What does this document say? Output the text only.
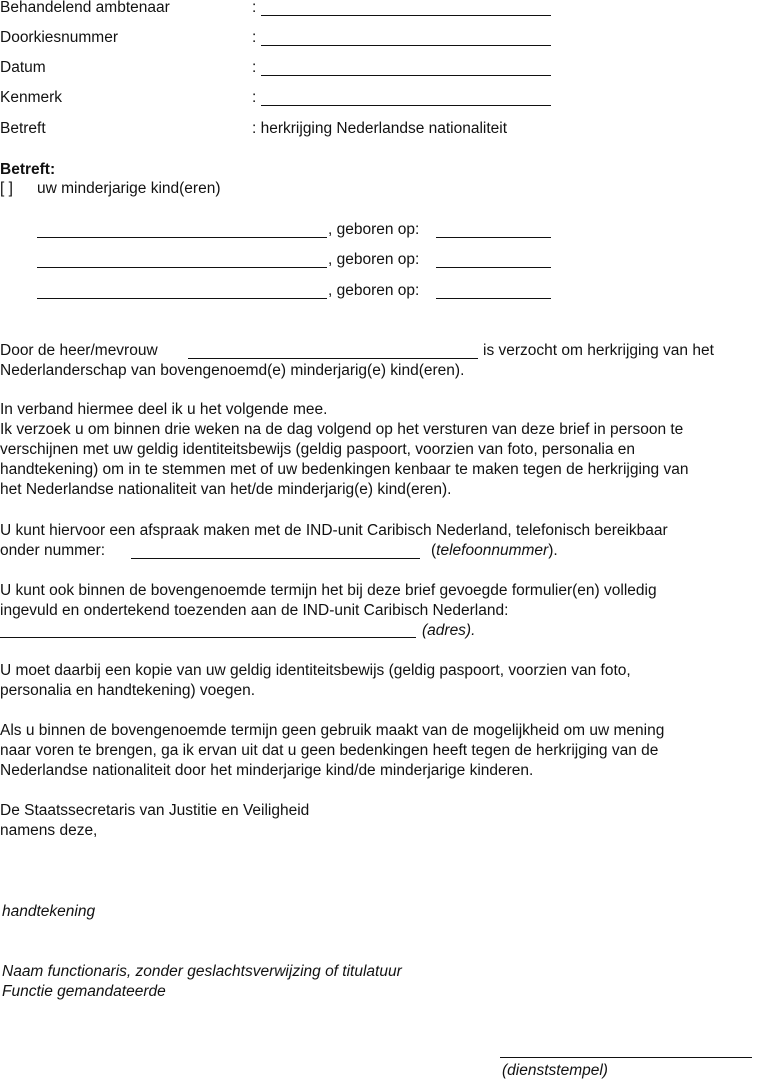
Behandelend ambtenaar	:
Doorkiesnummer	:
Datum	:
Kenmerk	:
Betreft	: herkrijging Nederlandse nationaliteit
Betreft:
[ ] uw minderjarige kind(eren)
, geboren op:
, geboren op:
, geboren op:
Door de heer/mevrouw	is verzocht om herkrijging van het
Nederlanderschap van bovengenoemd(e) minderjarig(e) kind(eren).
In verband hiermee deel ik u het volgende mee.
Ik verzoek u om binnen drie weken na de dag volgend op het versturen van deze brief in persoon te
verschijnen met uw geldig identiteitsbewijs (geldig paspoort, voorzien van foto, personalia en
handtekening) om in te stemmen met of uw bedenkingen kenbaar te maken tegen de herkrijging van
het Nederlandse nationaliteit van het/de minderjarig(e) kind(eren).
U kunt hiervoor een afspraak maken met de IND-unit Caribisch Nederland, telefonisch bereikbaar
onder nummer:	(telefoonnummer).
U kunt ook binnen de bovengenoemde termijn het bij deze brief gevoegde formulier(en) volledig
ingevuld en ondertekend toezenden aan de IND-unit Caribisch Nederland:
(adres).
U moet daarbij een kopie van uw geldig identiteitsbewijs (geldig paspoort, voorzien van foto,
personalia en handtekening) voegen.
Als u binnen de bovengenoemde termijn geen gebruik maakt van de mogelijkheid om uw mening
naar voren te brengen, ga ik ervan uit dat u geen bedenkingen heeft tegen de herkrijging van de
Nederlandse nationaliteit door het minderjarige kind/de minderjarige kinderen.
De Staatssecretaris van Justitie en Veiligheid
namens deze,
handtekening
Naam functionaris, zonder geslachtsverwijzing of titulatuur
Functie gemandateerde
(dienststempel)
